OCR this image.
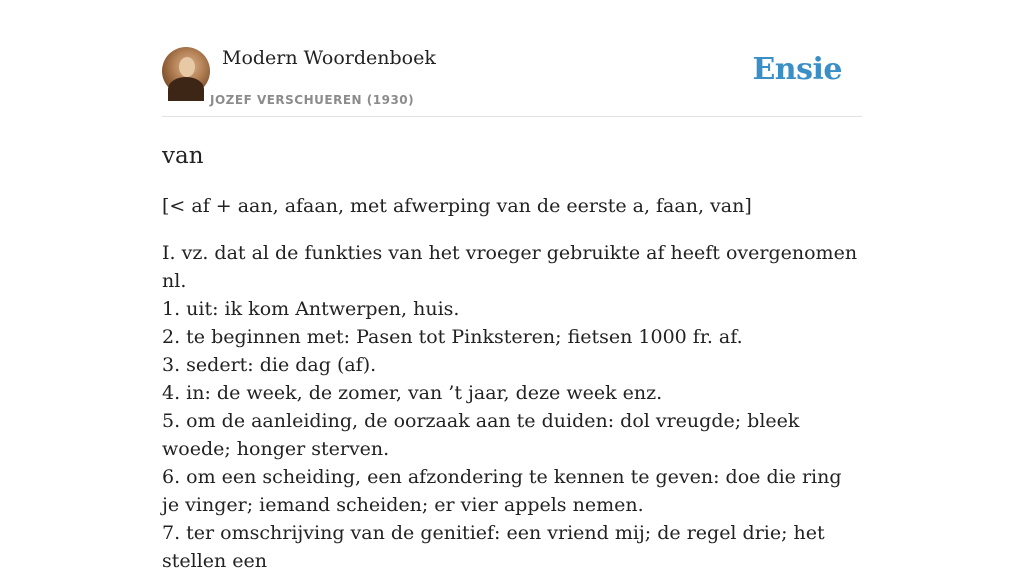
Modern Woordenboek
JOZEF VERSCHUEREN (1930)
Ensie
van

[< af + aan, afaan, met afwerping van de eerste a, faan, van]

I. vz. dat al de funkties van het vroeger gebruikte af heeft overgenomen nl.
1. uit: ik kom Antwerpen, huis.
2. te beginnen met: Pasen tot Pinksteren; fietsen 1000 fr. af.
3. sedert: die dag (af).
4. in: de week, de zomer, van ’t jaar, deze week enz.
5. om de aanleiding, de oorzaak aan te duiden: dol vreugde; bleek woede; honger sterven.
6. om een scheiding, een afzondering te kennen te geven: doe die ring je vinger; iemand scheiden; er vier appels nemen.
7. ter omschrijving van de genitief: een vriend mij; de regel drie; het stellen een
